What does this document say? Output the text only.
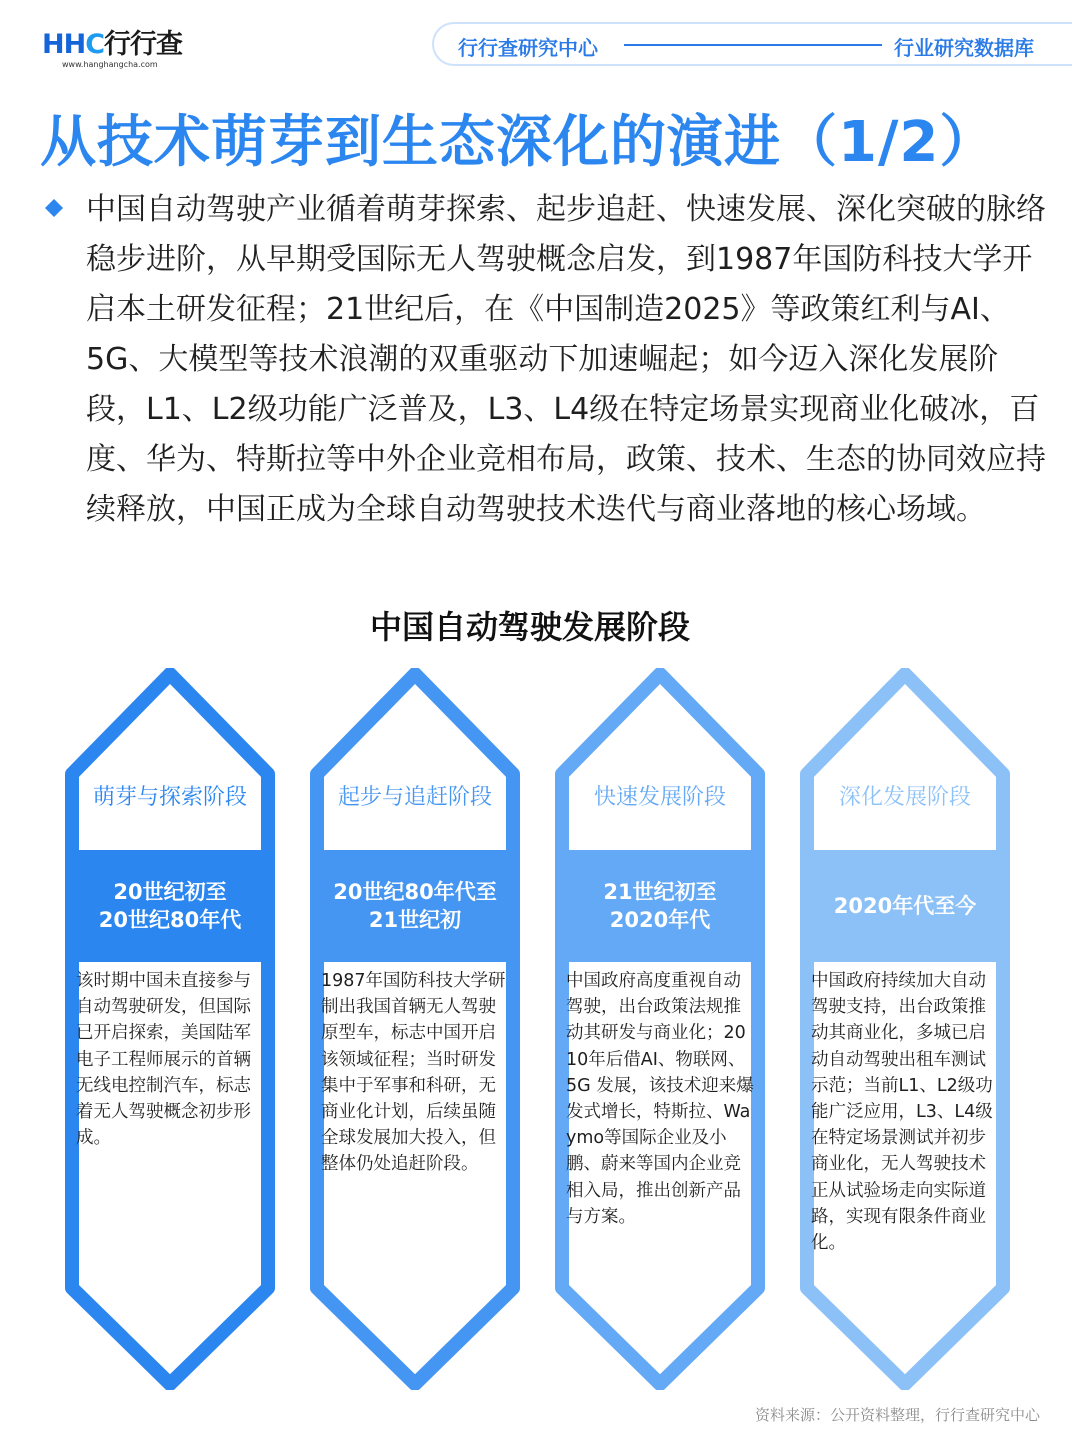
HHC行行查
www.hanghangcha.com
行行查研究中心	行业研究数据库
从技术萌芽到生态深化的演进（1/2）
中国自动驾驶产业循着萌芽探索、起步追赶、快速发展、深化突破的脉络稳步进阶，从早期受国际无人驾驶概念启发，到1987年国防科技大学开启本土研发征程；21世纪后，在《中国制造2025》等政策红利与AI、5G、大模型等技术浪潮的双重驱动下加速崛起；如今迈入深化发展阶段，L1、L2级功能广泛普及，L3、L4级在特定场景实现商业化破冰，百度、华为、特斯拉等中外企业竞相布局，政策、技术、生态的协同效应持续释放，中国正成为全球自动驾驶技术迭代与商业落地的核心场域。
中国自动驾驶发展阶段
萌芽与探索阶段
20世纪初至
20世纪80年代
该时期中国未直接参与自动驾驶研发，但国际已开启探索，美国陆军电子工程师展示的首辆无线电控制汽车，标志着无人驾驶概念初步形成。
起步与追赶阶段
20世纪80年代至
21世纪初
1987年国防科技大学研制出我国首辆无人驾驶原型车，标志中国开启该领域征程；当时研发集中于军事和科研，无商业化计划，后续虽随全球发展加大投入，但整体仍处追赶阶段。
快速发展阶段
21世纪初至
2020年代
中国政府高度重视自动驾驶，出台政策法规推动其研发与商业化；2010年后借AI、物联网、5G 发展，该技术迎来爆发式增长，特斯拉、Waymo等国际企业及小鹏、蔚来等国内企业竞相入局，推出创新产品与方案。
深化发展阶段
2020年代至今
中国政府持续加大自动驾驶支持，出台政策推动其商业化，多城已启动自动驾驶出租车测试示范；当前L1、L2级功能广泛应用，L3、L4级在特定场景测试并初步商业化，无人驾驶技术正从试验场走向实际道路，实现有限条件商业化。
资料来源：公开资料整理，行行查研究中心
